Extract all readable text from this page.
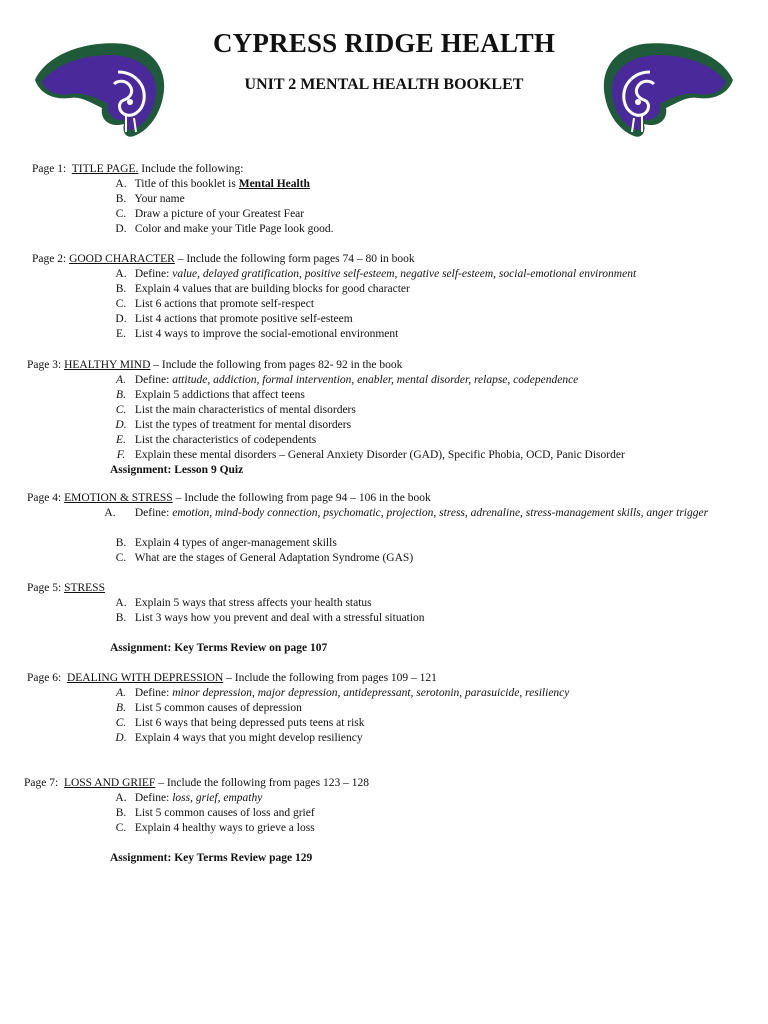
CYPRESS RIDGE HEALTH
UNIT 2 MENTAL HEALTH BOOKLET
Page 1: TITLE PAGE. Include the following:
A. Title of this booklet is Mental Health
B. Your name
C. Draw a picture of your Greatest Fear
D. Color and make your Title Page look good.
Page 2: GOOD CHARACTER – Include the following form pages 74 – 80 in book
A. Define: value, delayed gratification, positive self-esteem, negative self-esteem, social-emotional environment
B. Explain 4 values that are building blocks for good character
C. List 6 actions that promote self-respect
D. List 4 actions that promote positive self-esteem
E. List 4 ways to improve the social-emotional environment
Page 3: HEALTHY MIND – Include the following from pages 82- 92 in the book
A. Define: attitude, addiction, formal intervention, enabler, mental disorder, relapse, codependence
B. Explain 5 addictions that affect teens
C. List the main characteristics of mental disorders
D. List the types of treatment for mental disorders
E. List the characteristics of codependents
F. Explain these mental disorders – General Anxiety Disorder (GAD), Specific Phobia, OCD, Panic Disorder
Assignment: Lesson 9 Quiz
Page 4: EMOTION & STRESS – Include the following from page 94 – 106 in the book
A. Define: emotion, mind-body connection, psychomatic, projection, stress, adrenaline, stress-management skills, anger trigger
B. Explain 4 types of anger-management skills
C. What are the stages of General Adaptation Syndrome (GAS)
Page 5: STRESS
A. Explain 5 ways that stress affects your health status
B. List 3 ways how you prevent and deal with a stressful situation
Assignment: Key Terms Review on page 107
Page 6: DEALING WITH DEPRESSION – Include the following from pages 109 – 121
A. Define: minor depression, major depression, antidepressant, serotonin, parasuicide, resiliency
B. List 5 common causes of depression
C. List 6 ways that being depressed puts teens at risk
D. Explain 4 ways that you might develop resiliency
Page 7: LOSS AND GRIEF – Include the following from pages 123 – 128
A. Define: loss, grief, empathy
B. List 5 common causes of loss and grief
C. Explain 4 healthy ways to grieve a loss
Assignment: Key Terms Review page 129
